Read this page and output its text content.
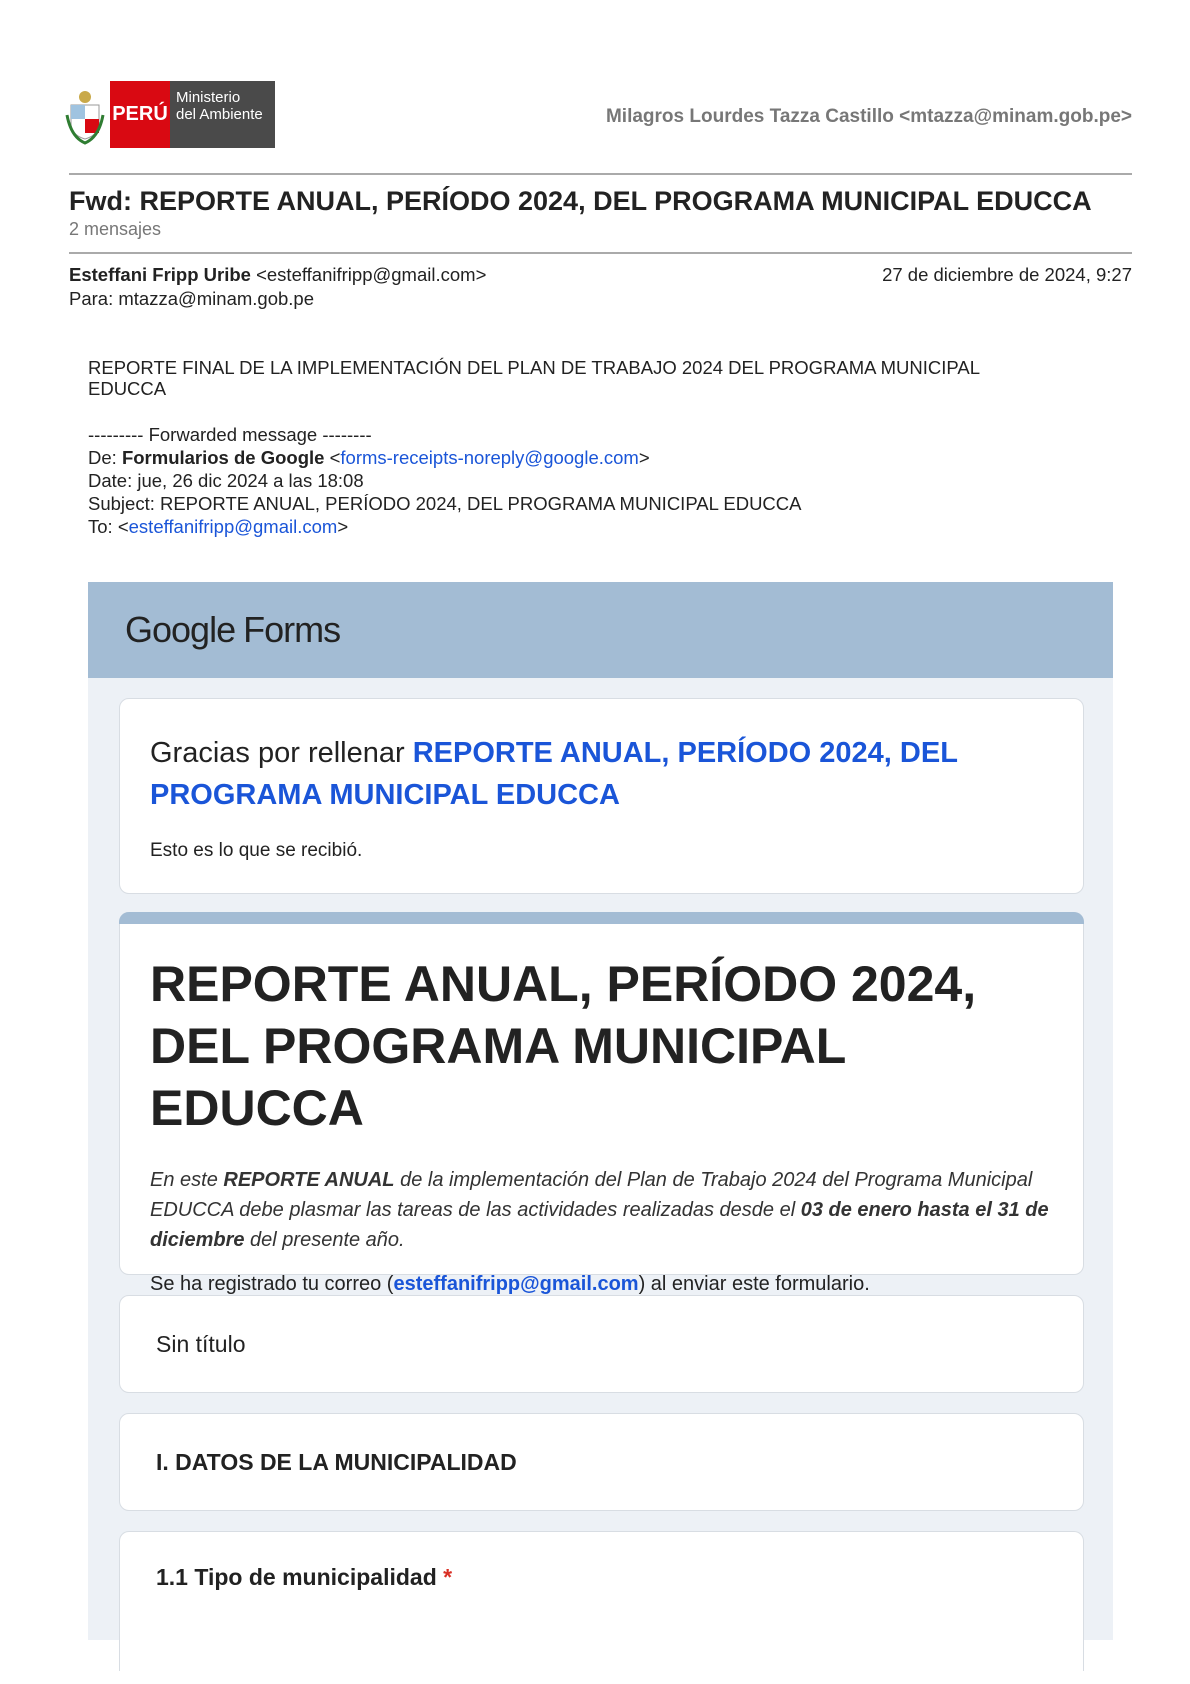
PERÚ
Ministerio
del Ambiente	Milagros Lourdes Tazza Castillo <mtazza@minam.gob.pe>
Fwd: REPORTE ANUAL, PERÍODO 2024, DEL PROGRAMA MUNICIPAL EDUCCA
2 mensajes
Esteffani Fripp Uribe <esteffanifripp@gmail.com>	27 de diciembre de 2024, 9:27
Para: mtazza@minam.gob.pe
REPORTE FINAL DE LA IMPLEMENTACIÓN DEL PLAN DE TRABAJO 2024 DEL PROGRAMA MUNICIPAL
EDUCCA
--------- Forwarded message --------
De: Formularios de Google <forms-receipts-noreply@google.com>
Date: jue, 26 dic 2024 a las 18:08
Subject: REPORTE ANUAL, PERÍODO 2024, DEL PROGRAMA MUNICIPAL EDUCCA
To: <esteffanifripp@gmail.com>
Google Forms
Gracias por rellenar REPORTE ANUAL, PERÍODO 2024, DEL PROGRAMA MUNICIPAL EDUCCA
Esto es lo que se recibió.
REPORTE ANUAL, PERÍODO 2024, DEL PROGRAMA MUNICIPAL EDUCCA
En este REPORTE ANUAL de la implementación del Plan de Trabajo 2024 del Programa Municipal EDUCCA debe plasmar las tareas de las actividades realizadas desde el 03 de enero hasta el 31 de diciembre del presente año.
Se ha registrado tu correo (esteffanifripp@gmail.com) al enviar este formulario.
Sin título
I. DATOS DE LA MUNICIPALIDAD
1.1 Tipo de municipalidad *
